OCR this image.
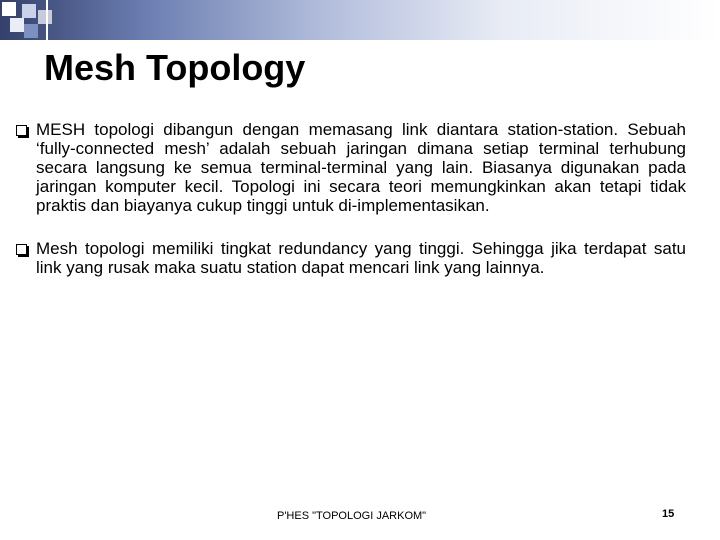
Mesh Topology
MESH topologi dibangun dengan memasang link diantara station-station. Sebuah ‘fully-connected mesh’ adalah sebuah jaringan dimana setiap terminal terhubung secara langsung ke semua terminal-terminal yang lain. Biasanya digunakan pada jaringan komputer kecil. Topologi ini secara teori memungkinkan akan tetapi tidak praktis dan biayanya cukup tinggi untuk di-implementasikan.
Mesh topologi memiliki tingkat redundancy yang tinggi. Sehingga jika terdapat satu link yang rusak maka suatu station dapat mencari link yang lainnya.
P'HES "TOPOLOGI JARKOM"	15
